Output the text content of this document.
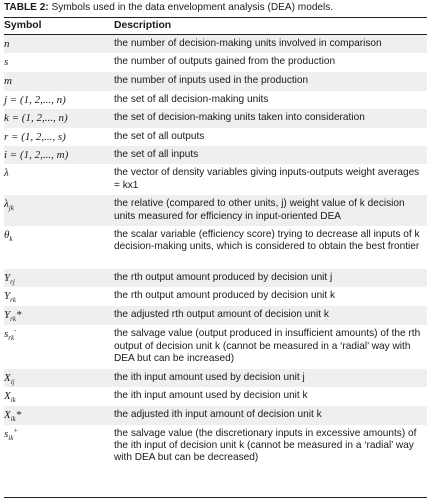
TABLE 2: Symbols used in the data envelopment analysis (DEA) models.
Symbol	Description
n	the number of decision-making units involved in comparison

s	the number of outputs gained from the production

m	the number of inputs used in the production

j = (1, 2,..., n)	the set of all decision-making units

k = (1, 2,..., n)	the set of decision-making units taken into consideration

r = (1, 2,..., s)	the set of all outputs

i = (1, 2,..., m)	the set of all inputs

λ	the vector of density variables giving inputs-outputs weight averages = kx1

$\lambda_{jk}$	the relative (compared to other units, j) weight value of k decision units measured for efficiency in input-oriented DEA

$\theta_k$	the scalar variable (efficiency score) trying to decrease all inputs of k decision-making units, which is considered to obtain the best frontier

$Y_{rj}$	the rth output amount produced by decision unit j

$Y_{rk}$	the rth output amount produced by decision unit k

$Y_{rk}*$	the adjusted rth output amount of decision unit k

$s_{rk}^-$	the salvage value (output produced in insufficient amounts) of the rth output of decision unit k (cannot be measured in a ‘radial’ way with DEA but can be increased)

$X_{ij}$	the ith input amount used by decision unit j

$X_{ik}$	the ith input amount used by decision unit k

$X_{ik}*$	the adjusted ith input amount of decision unit k

$s_{ik}^+$	the salvage value (the discretionary inputs in excessive amounts) of the ith input of decision unit k (cannot be measured in a ‘radial’ way with DEA but can be decreased)
